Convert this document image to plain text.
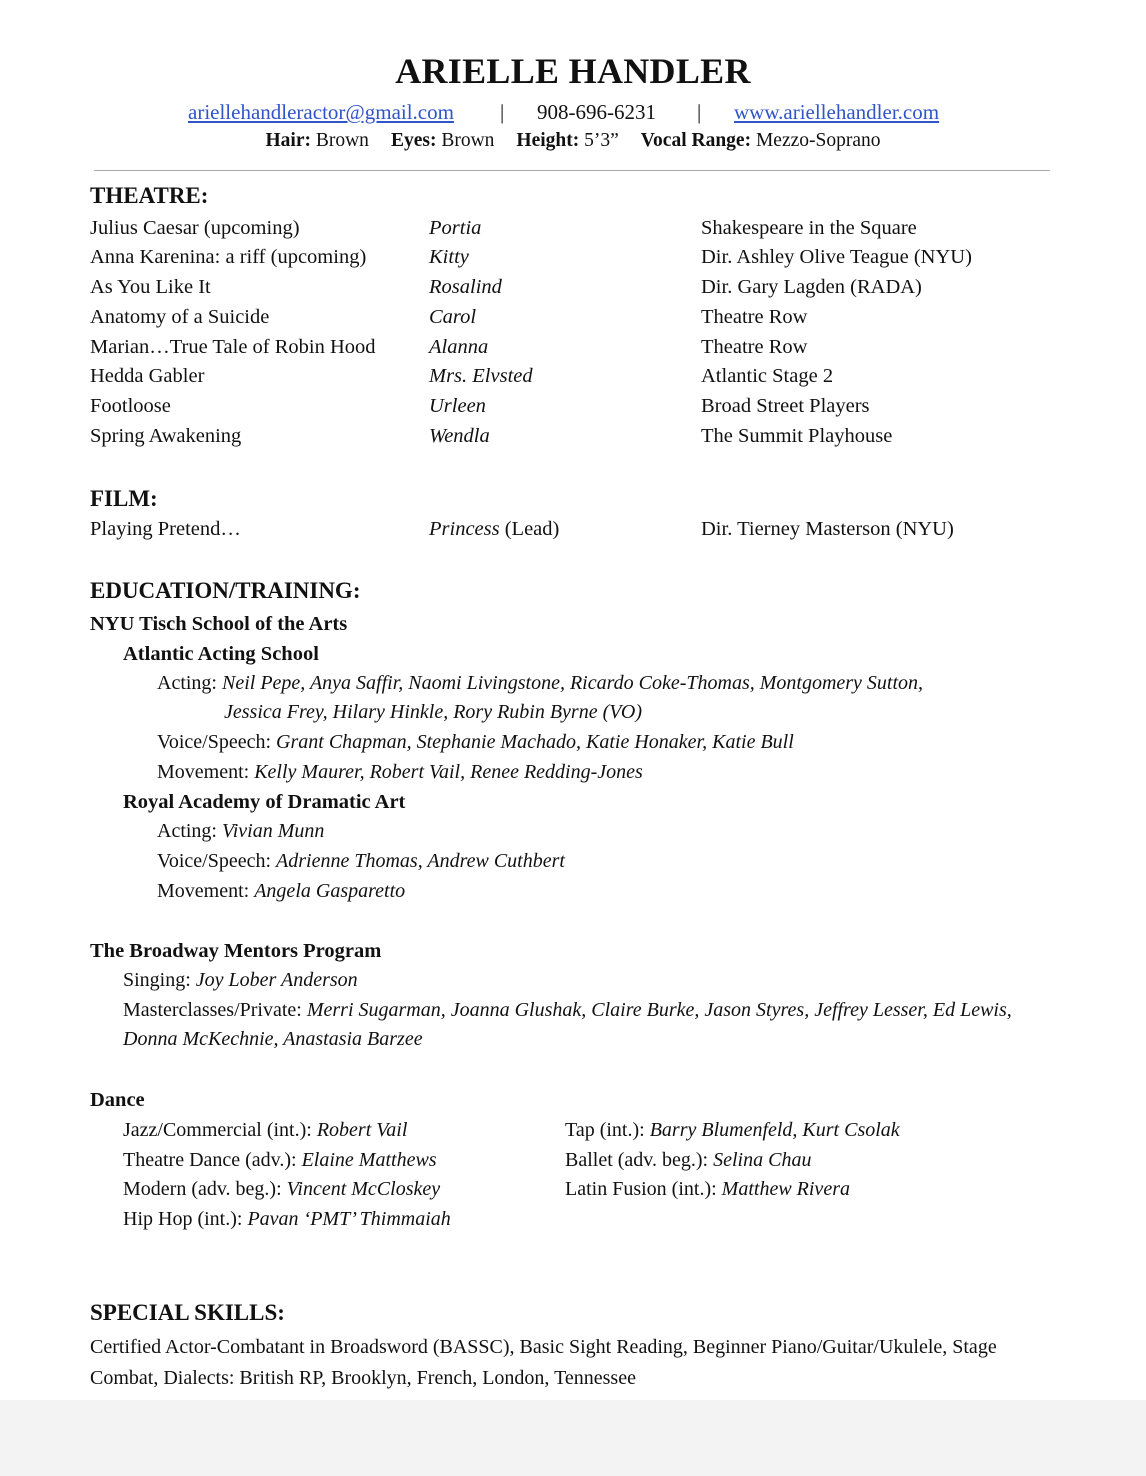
ARIELLE HANDLER
ariellehandleractor@gmail.com | 908-696-6231 | www.ariellehandler.com
Hair: Brown Eyes: Brown Height: 5’3” Vocal Range: Mezzo-Soprano
THEATRE:
Julius Caesar (upcoming)	Portia	Shakespeare in the Square
Anna Karenina: a riff (upcoming)	Kitty	Dir. Ashley Olive Teague (NYU)
As You Like It	Rosalind	Dir. Gary Lagden (RADA)
Anatomy of a Suicide	Carol	Theatre Row
Marian…True Tale of Robin Hood	Alanna	Theatre Row
Hedda Gabler	Mrs. Elvsted	Atlantic Stage 2
Footloose	Urleen	Broad Street Players
Spring Awakening	Wendla	The Summit Playhouse
FILM:
Playing Pretend…	Princess (Lead)	Dir. Tierney Masterson (NYU)
EDUCATION/TRAINING:
NYU Tisch School of the Arts
Atlantic Acting School
Acting: Neil Pepe, Anya Saffir, Naomi Livingstone, Ricardo Coke-Thomas, Montgomery Sutton,
Jessica Frey, Hilary Hinkle, Rory Rubin Byrne (VO)
Voice/Speech: Grant Chapman, Stephanie Machado, Katie Honaker, Katie Bull
Movement: Kelly Maurer, Robert Vail, Renee Redding-Jones
Royal Academy of Dramatic Art
Acting: Vivian Munn
Voice/Speech: Adrienne Thomas, Andrew Cuthbert
Movement: Angela Gasparetto
The Broadway Mentors Program
Singing: Joy Lober Anderson
Masterclasses/Private: Merri Sugarman, Joanna Glushak, Claire Burke, Jason Styres, Jeffrey Lesser, Ed Lewis, Donna McKechnie, Anastasia Barzee
Dance
Jazz/Commercial (int.): Robert Vail
Theatre Dance (adv.): Elaine Matthews
Modern (adv. beg.): Vincent McCloskey
Hip Hop (int.): Pavan ‘PMT’ Thimmaiah
Tap (int.): Barry Blumenfeld, Kurt Csolak
Ballet (adv. beg.): Selina Chau
Latin Fusion (int.): Matthew Rivera
SPECIAL SKILLS:
Certified Actor-Combatant in Broadsword (BASSC), Basic Sight Reading, Beginner Piano/Guitar/Ukulele, Stage Combat, Dialects: British RP, Brooklyn, French, London, Tennessee
